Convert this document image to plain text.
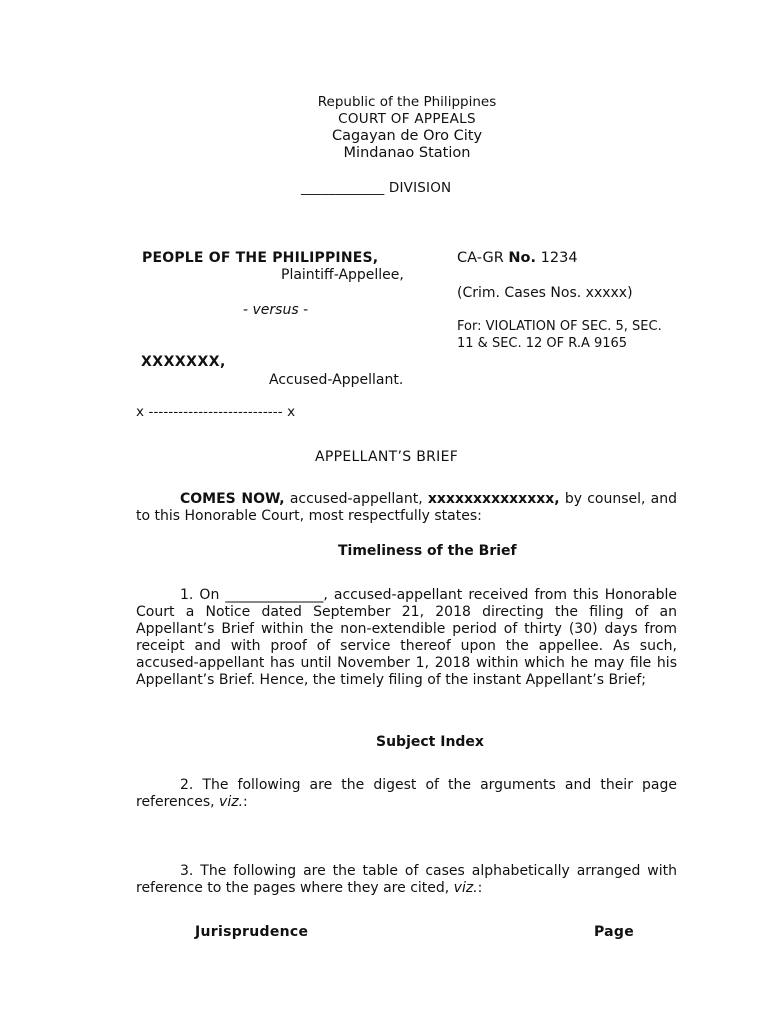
Republic of the Philippines
COURT OF APPEALS
Cagayan de Oro City
Mindanao Station
____________ DIVISION
PEOPLE OF THE PHILIPPINES,
Plaintiff-Appellee,
- versus -
XXXXXXX,
Accused-Appellant.
x --------------------------- x
CA-GR No. 1234
(Crim. Cases Nos. xxxxx)
For: VIOLATION OF SEC. 5, SEC.
11 & SEC. 12 OF R.A 9165
APPELLANT’S BRIEF
COMES NOW, accused-appellant, xxxxxxxxxxxxxx, by counsel, and to this Honorable Court, most respectfully states:
Timeliness of the Brief
1. On ______________, accused-appellant received from this Honorable Court a Notice dated September 21, 2018 directing the filing of an Appellant’s Brief within the non-extendible period of thirty (30) days from receipt and with proof of service thereof upon the appellee. As such, accused-appellant has until November 1, 2018 within which he may file his Appellant’s Brief. Hence, the timely filing of the instant Appellant’s Brief;
Subject Index
2. The following are the digest of the arguments and their page references, viz.:
3. The following are the table of cases alphabetically arranged with reference to the pages where they are cited, viz.:
Jurisprudence	Page
